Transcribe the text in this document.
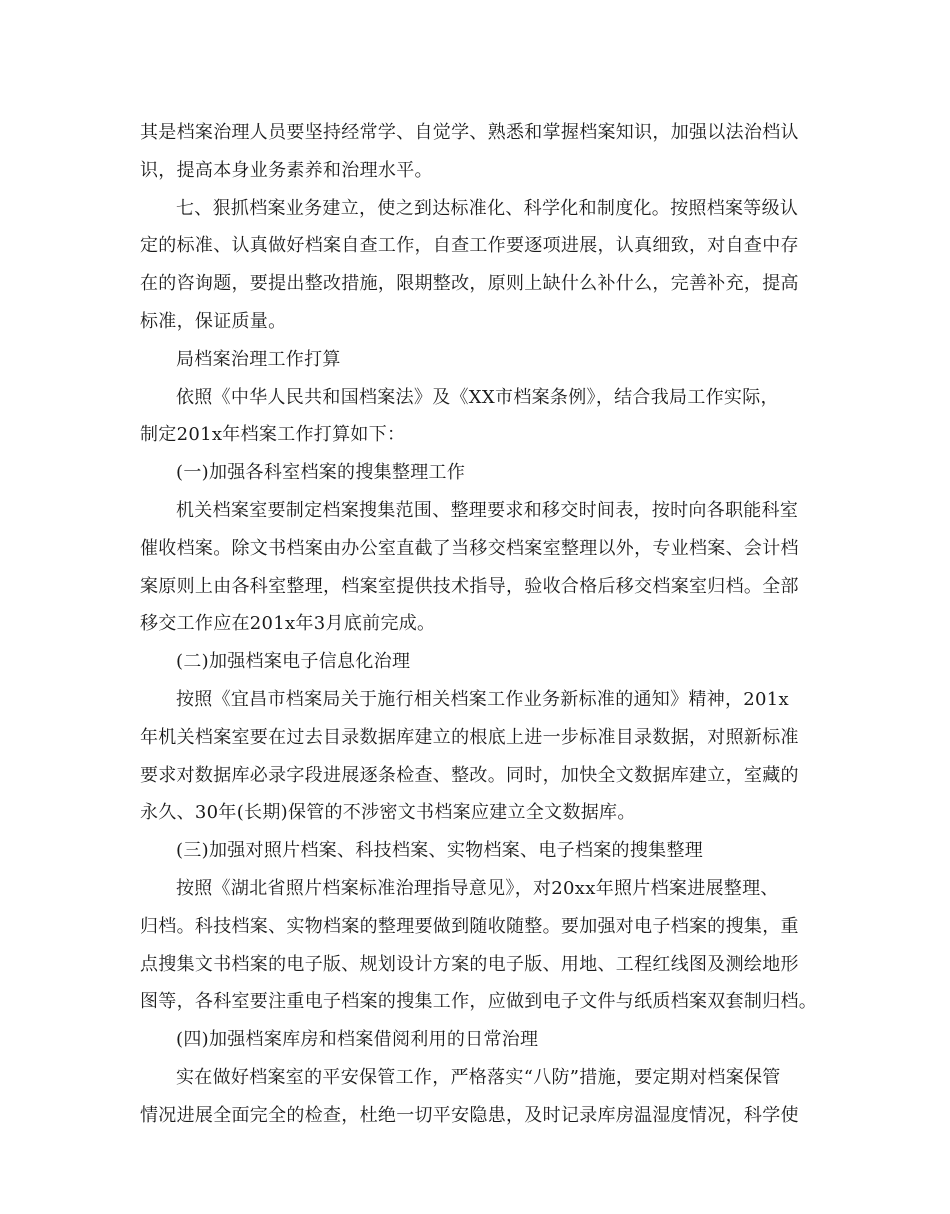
其是档案治理人员要坚持经常学、自觉学、熟悉和掌握档案知识，加强以法治档认
识，提高本身业务素养和治理水平。
七、狠抓档案业务建立，使之到达标准化、科学化和制度化。按照档案等级认
定的标准、认真做好档案自查工作，自查工作要逐项进展，认真细致，对自查中存
在的咨询题，要提出整改措施，限期整改，原则上缺什么补什么，完善补充，提高
标准，保证质量。
局档案治理工作打算
依照《中华人民共和国档案法》及《XX市档案条例》，结合我局工作实际，
制定201x年档案工作打算如下：
(一)加强各科室档案的搜集整理工作
机关档案室要制定档案搜集范围、整理要求和移交时间表，按时向各职能科室
催收档案。除文书档案由办公室直截了当移交档案室整理以外，专业档案、会计档
案原则上由各科室整理，档案室提供技术指导，验收合格后移交档案室归档。全部
移交工作应在201x年3月底前完成。
(二)加强档案电子信息化治理
按照《宜昌市档案局关于施行相关档案工作业务新标准的通知》精神，201x
年机关档案室要在过去目录数据库建立的根底上进一步标准目录数据，对照新标准
要求对数据库必录字段进展逐条检查、整改。同时，加快全文数据库建立，室藏的
永久、30年(长期)保管的不涉密文书档案应建立全文数据库。
(三)加强对照片档案、科技档案、实物档案、电子档案的搜集整理
按照《湖北省照片档案标准治理指导意见》，对20xx年照片档案进展整理、
归档。科技档案、实物档案的整理要做到随收随整。要加强对电子档案的搜集，重
点搜集文书档案的电子版、规划设计方案的电子版、用地、工程红线图及测绘地形
图等，各科室要注重电子档案的搜集工作，应做到电子文件与纸质档案双套制归档。
(四)加强档案库房和档案借阅利用的日常治理
实在做好档案室的平安保管工作，严格落实“八防”措施，要定期对档案保管
情况进展全面完全的检查，杜绝一切平安隐患，及时记录库房温湿度情况，科学使
